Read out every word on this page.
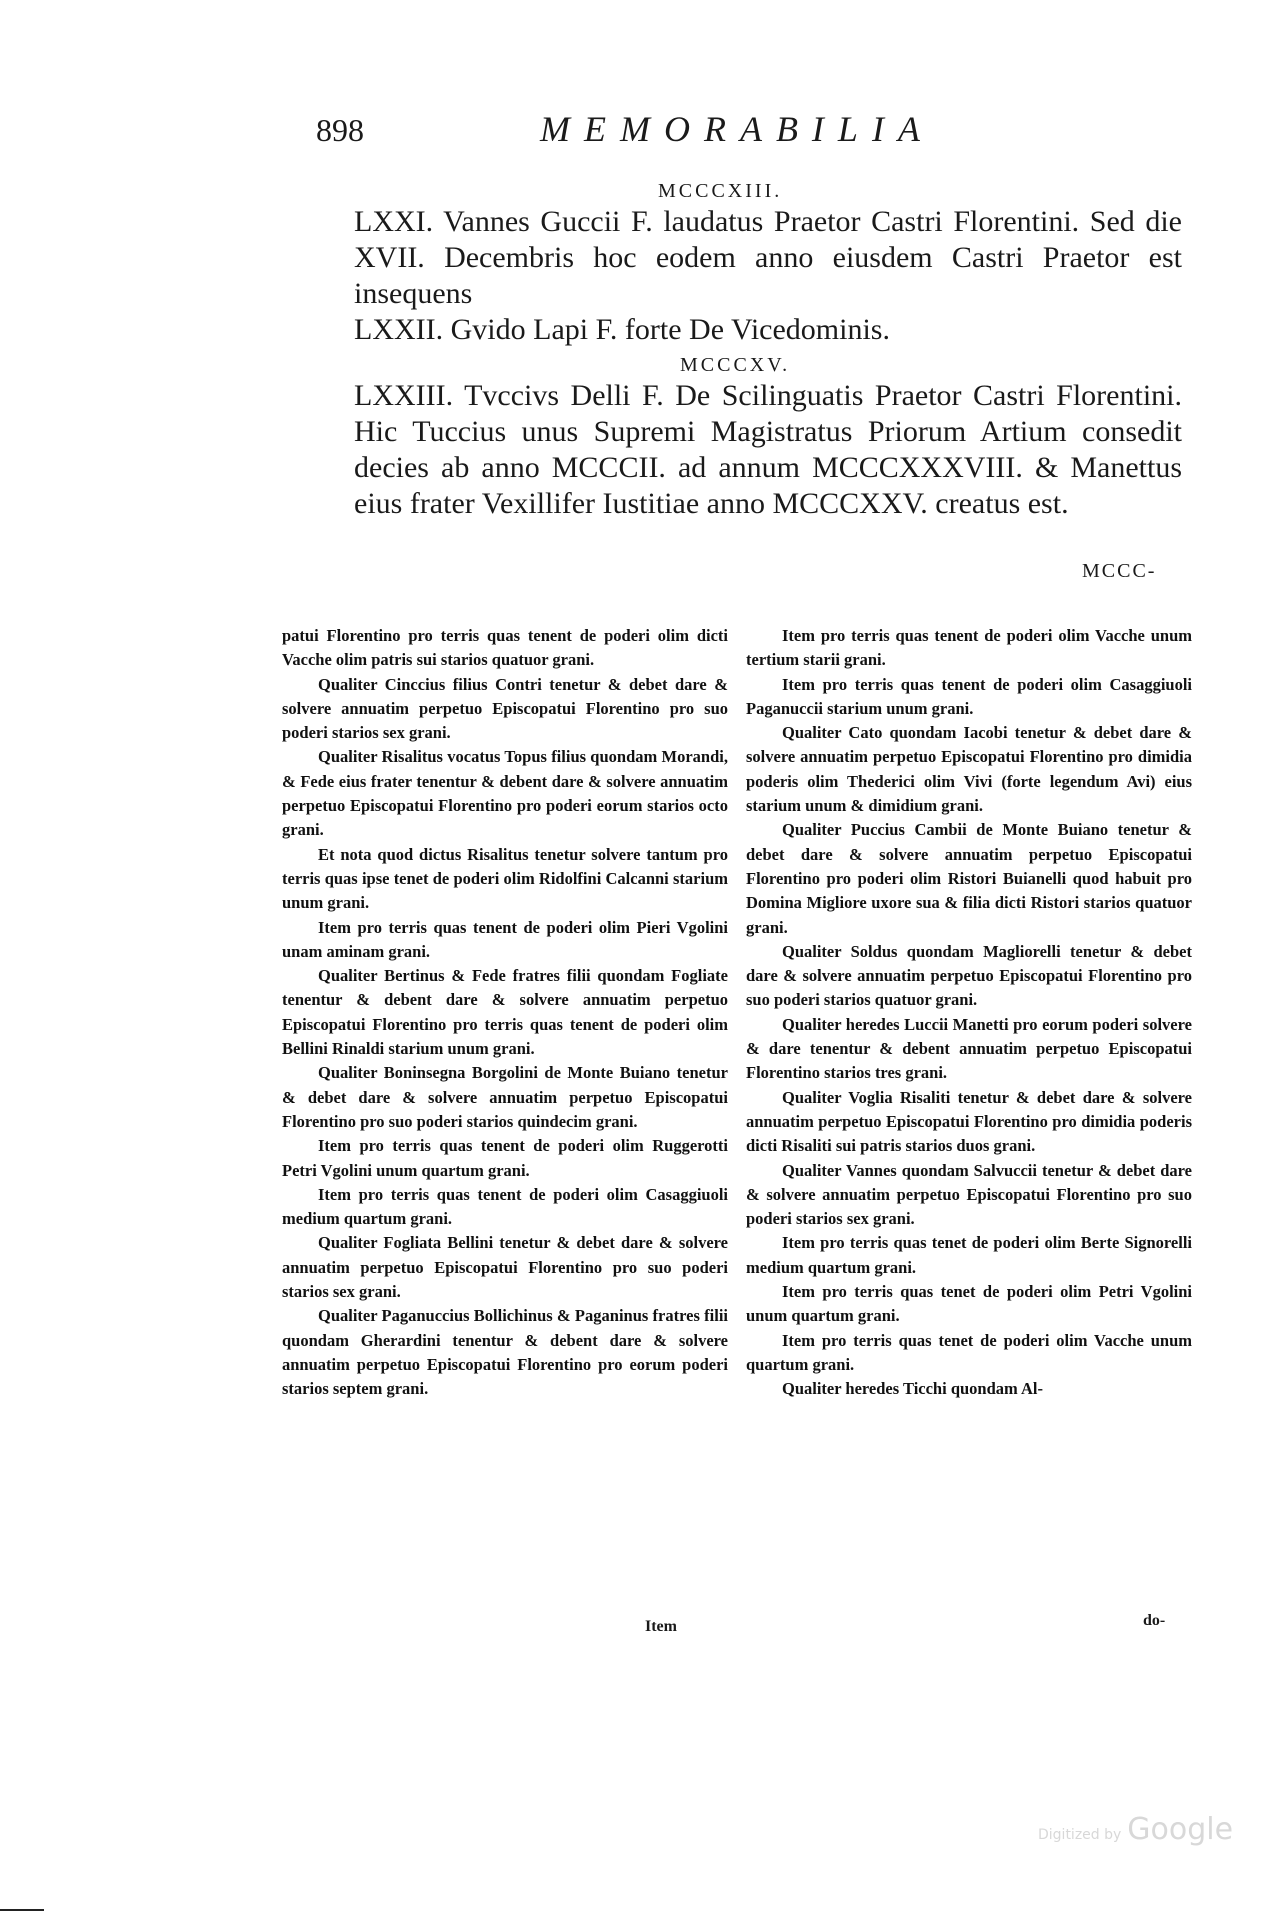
898	MEMORABILIA
MCCCXIII.
LXXI. Vannes Guccii F. laudatus Praetor Castri Florentini. Sed die XVII. Decembris hoc eodem anno eiusdem Castri Praetor est insequens
LXXII. Gvido Lapi F. forte De Vicedominis.
MCCCXV.
LXXIII. Tvccivs Delli F. De Scilinguatis Praetor Castri Florentini. Hic Tuccius unus Supremi Magistratus Priorum Artium consedit decies ab anno MCCCII. ad annum MCCCXXXVIII. & Manettus eius frater Vexillifer Iustitiae anno MCCCXXV. creatus est.
MCCC-

patui Florentino pro terris quas tenent de poderi olim dicti Vacche olim patris sui starios quatuor grani.

Qualiter Cinccius filius Contri tenetur & debet dare & solvere annuatim perpetuo Episcopatui Florentino pro suo poderi starios sex grani.

Qualiter Risalitus vocatus Topus filius quondam Morandi, & Fede eius frater tenentur & debent dare & solvere annuatim perpetuo Episcopatui Florentino pro poderi eorum starios octo grani.

Et nota quod dictus Risalitus tenetur solvere tantum pro terris quas ipse tenet de poderi olim Ridolfini Calcanni starium unum grani.

Item pro terris quas tenent de poderi olim Pieri Vgolini unam aminam grani.

Qualiter Bertinus & Fede fratres filii quondam Fogliate tenentur & debent dare & solvere annuatim perpetuo Episcopatui Florentino pro terris quas tenent de poderi olim Bellini Rinaldi starium unum grani.

Qualiter Boninsegna Borgolini de Monte Buiano tenetur & debet dare & solvere annuatim perpetuo Episcopatui Florentino pro suo poderi starios quindecim grani.

Item pro terris quas tenent de poderi olim Ruggerotti Petri Vgolini unum quartum grani.

Item pro terris quas tenent de poderi olim Casaggiuoli medium quartum grani.

Qualiter Fogliata Bellini tenetur & debet dare & solvere annuatim perpetuo Episcopatui Florentino pro suo poderi starios sex grani.

Qualiter Paganuccius Bollichinus & Paganinus fratres filii quondam Gherardini tenentur & debent dare & solvere annuatim perpetuo Episcopatui Florentino pro eorum poderi starios septem grani.

Item

Item pro terris quas tenent de poderi olim Vacche unum tertium starii grani.

Item pro terris quas tenent de poderi olim Casaggiuoli Paganuccii starium unum grani.

Qualiter Cato quondam Iacobi tenetur & debet dare & solvere annuatim perpetuo Episcopatui Florentino pro dimidia poderis olim Thederici olim Vivi (forte legendum Avi) eius starium unum & dimidium grani.

Qualiter Puccius Cambii de Monte Buiano tenetur & debet dare & solvere annuatim perpetuo Episcopatui Florentino pro poderi olim Ristori Buianelli quod habuit pro Domina Migliore uxore sua & filia dicti Ristori starios quatuor grani.

Qualiter Soldus quondam Magliorelli tenetur & debet dare & solvere annuatim perpetuo Episcopatui Florentino pro suo poderi starios quatuor grani.

Qualiter heredes Luccii Manetti pro eorum poderi solvere & dare tenentur & debent annuatim perpetuo Episcopatui Florentino starios tres grani.

Qualiter Voglia Risaliti tenetur & debet dare & solvere annuatim perpetuo Episcopatui Florentino pro dimidia poderis dicti Risaliti sui patris starios duos grani.

Qualiter Vannes quondam Salvuccii tenetur & debet dare & solvere annuatim perpetuo Episcopatui Florentino pro suo poderi starios sex grani.

Item pro terris quas tenet de poderi olim Berte Signorelli medium quartum grani.

Item pro terris quas tenet de poderi olim Petri Vgolini unum quartum grani.

Item pro terris quas tenet de poderi olim Vacche unum quartum grani.

Qualiter heredes Ticchi quondam Al-

do-
Digitized by Google
